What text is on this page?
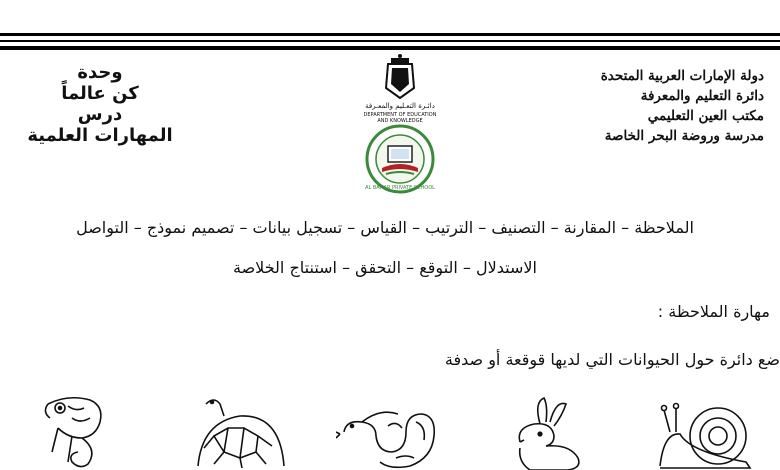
وحدة
كن عالماً
درس
المهارات العلمية
دائـرة التعـليم والمعـرفة
DEPARTMENT OF EDUCATION
AND KNOWLEDGE
AL BAHAR PRIVATE SCHOOL
دولة الإمارات العربية المتحدة
دائرة التعليم والمعرفة
مكتب العين التعليمي
مدرسة وروضة البحر الخاصة
الملاحظة – المقارنة – التصنيف – الترتيب – القياس – تسجيل بيانات – تصميم نموذج – التواصل
الاستدلال – التوقع – التحقق – استنتاج الخلاصة
مهارة الملاحظة :
ضع دائرة حول الحيوانات التي لديها قوقعة أو صدفة
